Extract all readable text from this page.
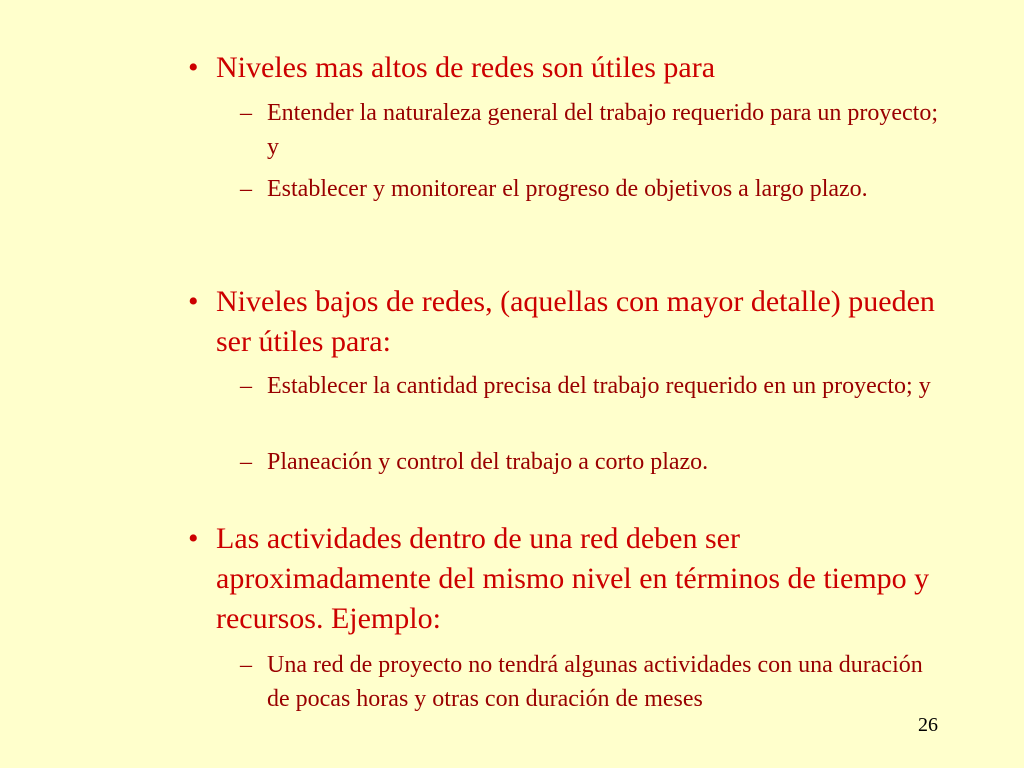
• Niveles mas altos de redes son útiles para
– Entender la naturaleza general del trabajo requerido para un proyecto; y
– Establecer y monitorear el progreso de objetivos a largo plazo.
• Niveles bajos de redes, (aquellas con mayor detalle) pueden ser útiles para:
– Establecer la cantidad precisa del trabajo requerido en un proyecto; y
– Planeación y control del trabajo a corto plazo.
• Las actividades dentro de una red deben ser aproximadamente del mismo nivel en términos de tiempo y recursos. Ejemplo:
– Una red de proyecto no tendrá algunas actividades con una duración de pocas horas y otras con duración de meses
26
